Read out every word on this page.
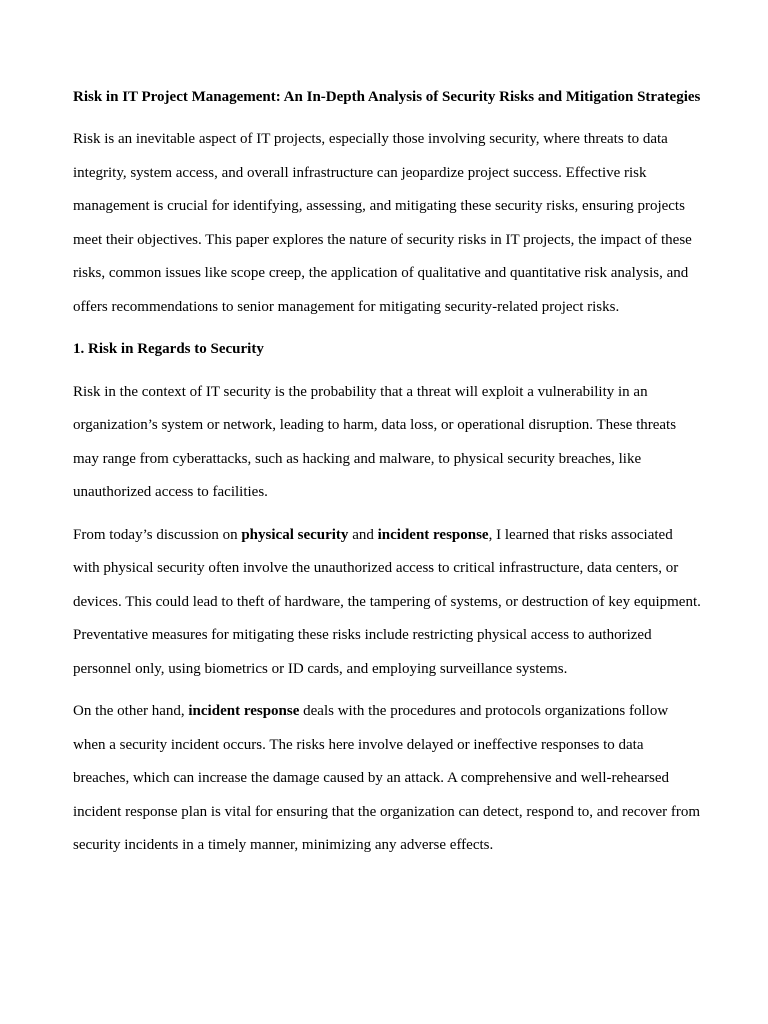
Risk in IT Project Management: An In-Depth Analysis of Security Risks and Mitigation Strategies
Risk is an inevitable aspect of IT projects, especially those involving security, where threats to data integrity, system access, and overall infrastructure can jeopardize project success. Effective risk management is crucial for identifying, assessing, and mitigating these security risks, ensuring projects meet their objectives. This paper explores the nature of security risks in IT projects, the impact of these risks, common issues like scope creep, the application of qualitative and quantitative risk analysis, and offers recommendations to senior management for mitigating security-related project risks.
1. Risk in Regards to Security
Risk in the context of IT security is the probability that a threat will exploit a vulnerability in an organization’s system or network, leading to harm, data loss, or operational disruption. These threats may range from cyberattacks, such as hacking and malware, to physical security breaches, like unauthorized access to facilities.
From today’s discussion on physical security and incident response, I learned that risks associated with physical security often involve the unauthorized access to critical infrastructure, data centers, or devices. This could lead to theft of hardware, the tampering of systems, or destruction of key equipment. Preventative measures for mitigating these risks include restricting physical access to authorized personnel only, using biometrics or ID cards, and employing surveillance systems.
On the other hand, incident response deals with the procedures and protocols organizations follow when a security incident occurs. The risks here involve delayed or ineffective responses to data breaches, which can increase the damage caused by an attack. A comprehensive and well-rehearsed incident response plan is vital for ensuring that the organization can detect, respond to, and recover from security incidents in a timely manner, minimizing any adverse effects.
